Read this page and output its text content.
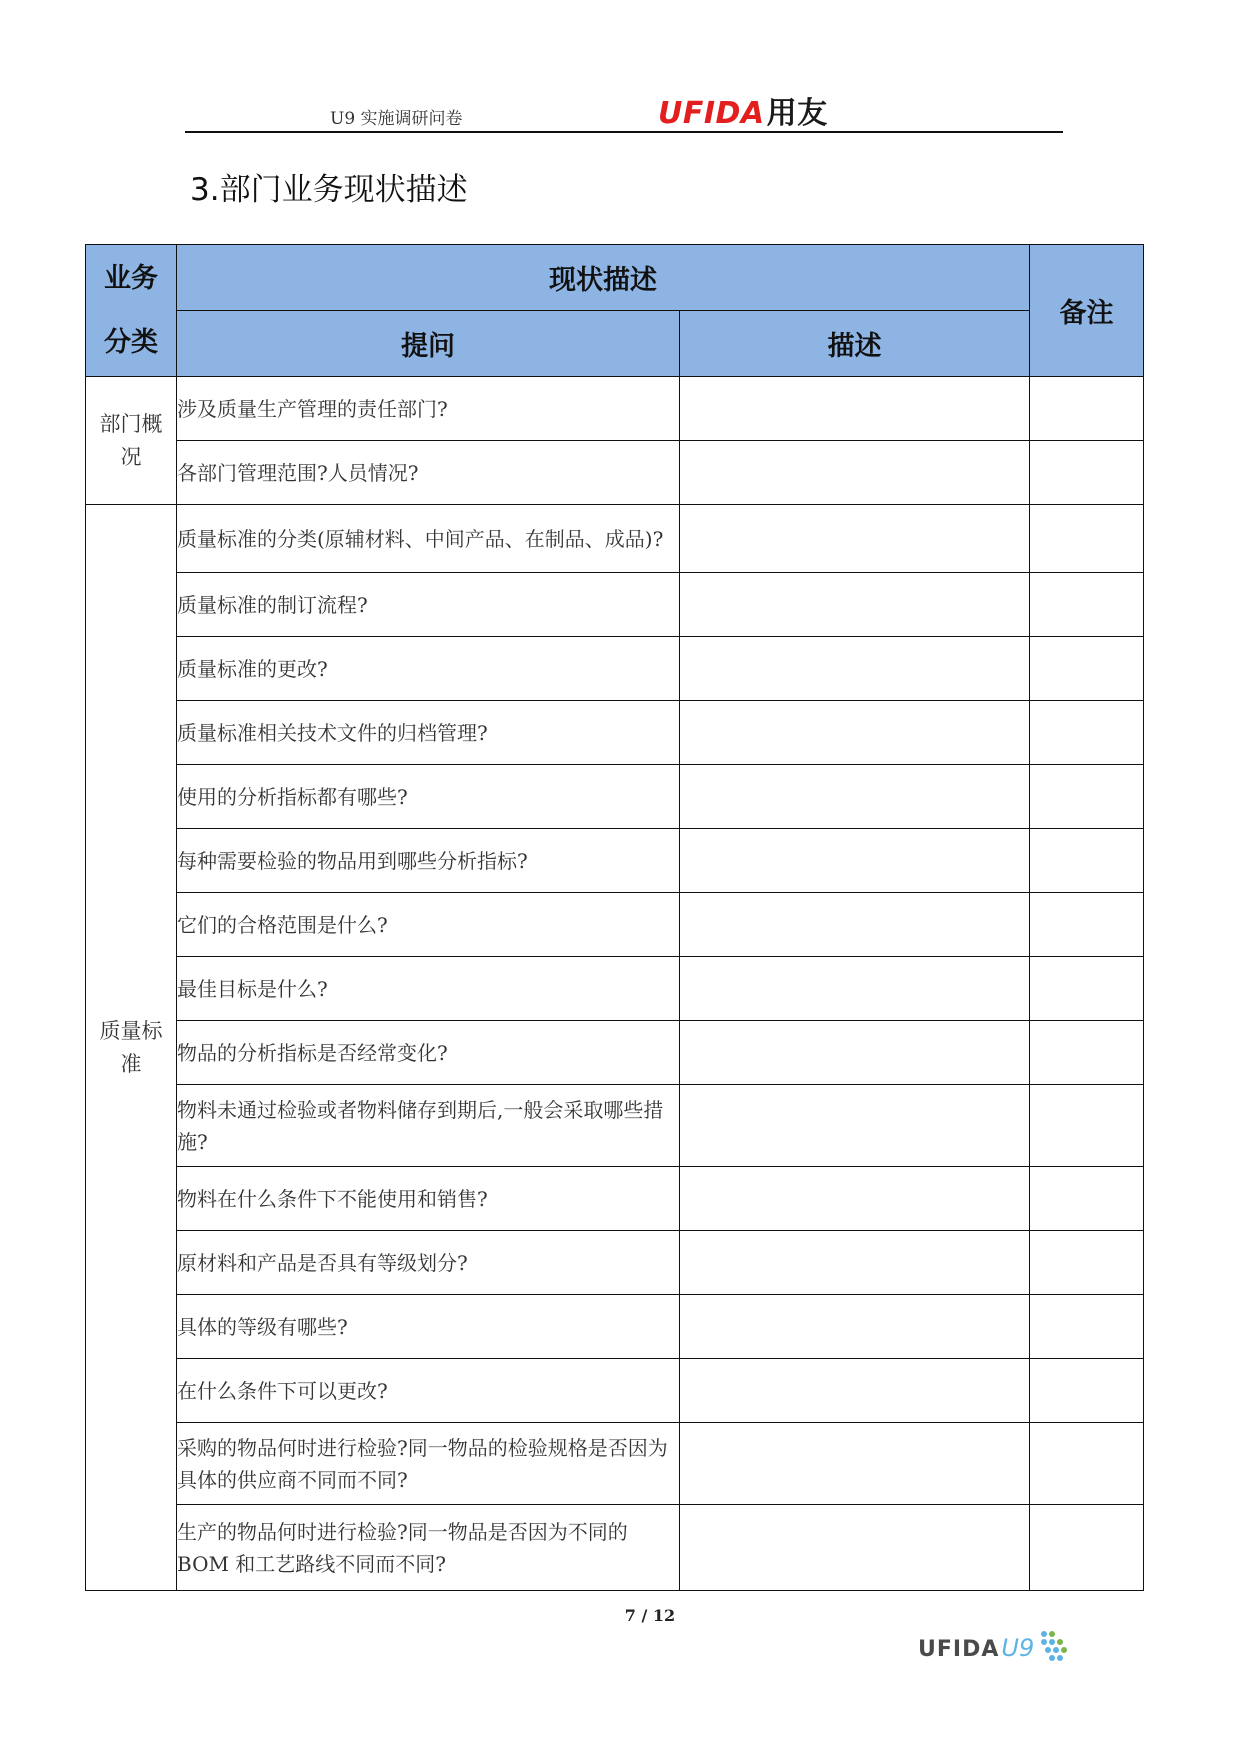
U9 实施调研问卷	UFIDA用友
3.部门业务现状描述
业务
分类	现状描述		备注
	提问	描述	
部门概
况	涉及质量生产管理的责任部门?		
	各部门管理范围?人员情况?		
质量标
准	质量标准的分类(原辅材料、中间产品、在制品、成品)?		
	质量标准的制订流程?		
	质量标准的更改?		
	质量标准相关技术文件的归档管理?		
	使用的分析指标都有哪些?		
	每种需要检验的物品用到哪些分析指标?		
	它们的合格范围是什么?		
	最佳目标是什么?		
	物品的分析指标是否经常变化?		
	物料未通过检验或者物料储存到期后,一般会采取哪些措施?		
	物料在什么条件下不能使用和销售?		
	原材料和产品是否具有等级划分?		
	具体的等级有哪些?		
	在什么条件下可以更改?		
	采购的物品何时进行检验?同一物品的检验规格是否因为具体的供应商不同而不同?		
	生产的物品何时进行检验?同一物品是否因为不同的 BOM 和工艺路线不同而不同?		
7 / 12
UFIDAU9
